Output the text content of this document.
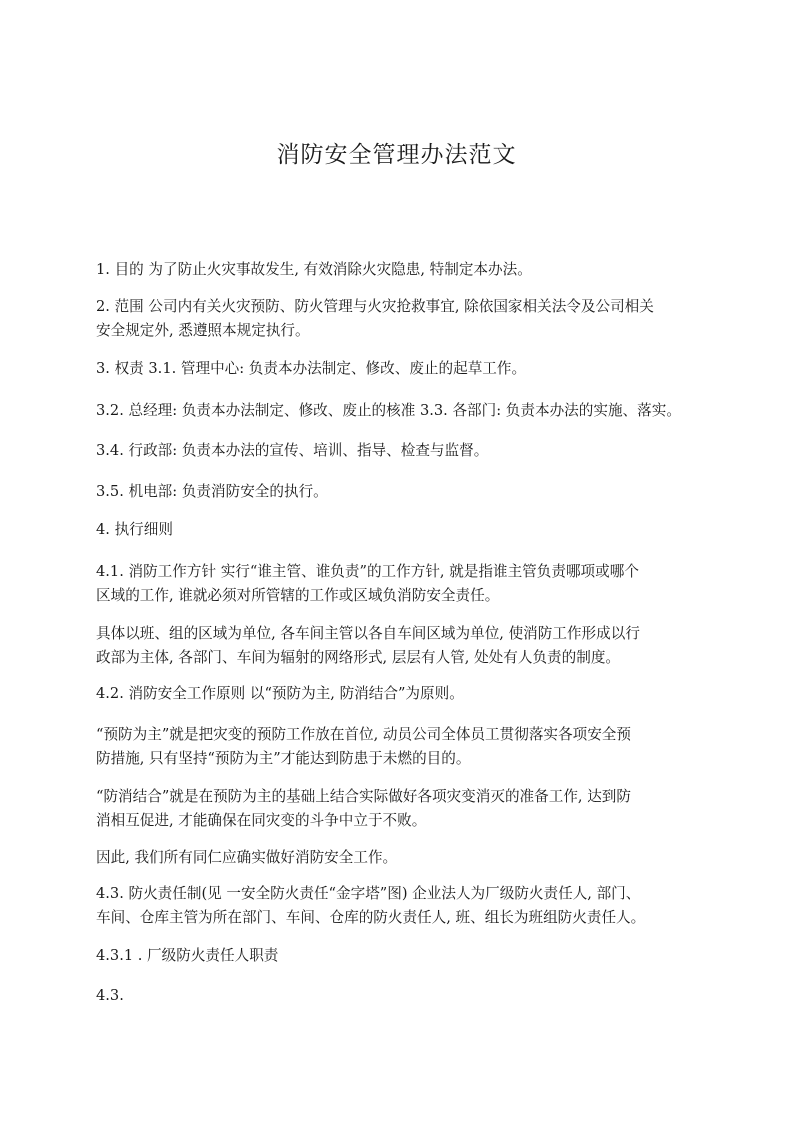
消防安全管理办法范文

1. 目的 为了防止火灾事故发生, 有效消除火灾隐患, 特制定本办法。

2. 范围 公司内有关火灾预防、防火管理与火灾抢救事宜, 除依国家相关法令及公司相关
安全规定外, 悉遵照本规定执行。

3. 权责 3.1. 管理中心: 负责本办法制定、修改、废止的起草工作。

3.2. 总经理: 负责本办法制定、修改、废止的核准 3.3. 各部门: 负责本办法的实施、落实。

3.4. 行政部: 负责本办法的宣传、培训、指导、检查与监督。

3.5. 机电部: 负责消防安全的执行。

4. 执行细则

4.1. 消防工作方针 实行“谁主管、谁负责”的工作方针, 就是指谁主管负责哪项或哪个
区域的工作, 谁就必须对所管辖的工作或区域负消防安全责任。

具体以班、组的区域为单位, 各车间主管以各自车间区域为单位, 使消防工作形成以行
政部为主体, 各部门、车间为辐射的网络形式, 层层有人管, 处处有人负责的制度。

4.2. 消防安全工作原则 以“预防为主, 防消结合”为原则。

“预防为主”就是把灾变的预防工作放在首位, 动员公司全体员工贯彻落实各项安全预
防措施, 只有坚持“预防为主”才能达到防患于未燃的目的。

“防消结合”就是在预防为主的基础上结合实际做好各项灾变消灭的准备工作, 达到防
消相互促进, 才能确保在同灾变的斗争中立于不败。

因此, 我们所有同仁应确实做好消防安全工作。

4.3. 防火责任制(见 一安全防火责任“金字塔”图) 企业法人为厂级防火责任人, 部门、
车间、仓库主管为所在部门、车间、仓库的防火责任人, 班、组长为班组防火责任人。

4.3.1 . 厂级防火责任人职责

4.3.
